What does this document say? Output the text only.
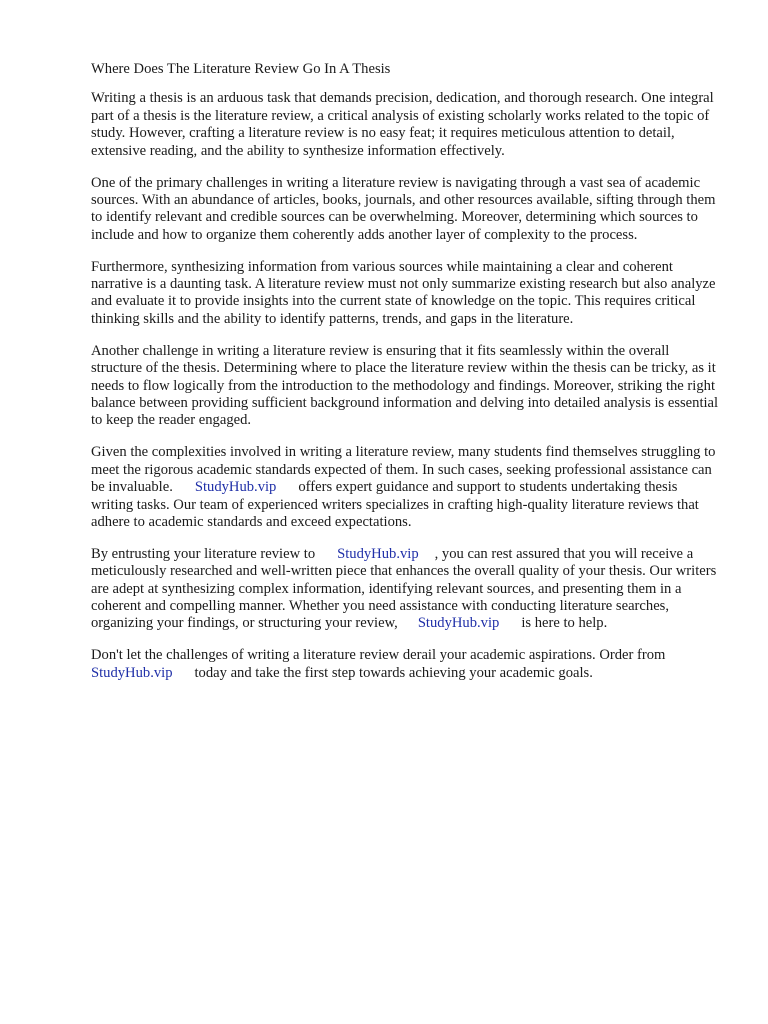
Where Does The Literature Review Go In A Thesis

Writing a thesis is an arduous task that demands precision, dedication, and thorough research. One integral part of a thesis is the literature review, a critical analysis of existing scholarly works related to the topic of study. However, crafting a literature review is no easy feat; it requires meticulous attention to detail, extensive reading, and the ability to synthesize information effectively.

One of the primary challenges in writing a literature review is navigating through a vast sea of academic sources. With an abundance of articles, books, journals, and other resources available, sifting through them to identify relevant and credible sources can be overwhelming. Moreover, determining which sources to include and how to organize them coherently adds another layer of complexity to the process.

Furthermore, synthesizing information from various sources while maintaining a clear and coherent narrative is a daunting task. A literature review must not only summarize existing research but also analyze and evaluate it to provide insights into the current state of knowledge on the topic. This requires critical thinking skills and the ability to identify patterns, trends, and gaps in the literature.

Another challenge in writing a literature review is ensuring that it fits seamlessly within the overall structure of the thesis. Determining where to place the literature review within the thesis can be tricky, as it needs to flow logically from the introduction to the methodology and findings. Moreover, striking the right balance between providing sufficient background information and delving into detailed analysis is essential to keep the reader engaged.

Given the complexities involved in writing a literature review, many students find themselves struggling to meet the rigorous academic standards expected of them. In such cases, seeking professional assistance can be invaluable. StudyHub.vip offers expert guidance and support to students undertaking thesis writing tasks. Our team of experienced writers specializes in crafting high-quality literature reviews that adhere to academic standards and exceed expectations.

By entrusting your literature review to StudyHub.vip , you can rest assured that you will receive a meticulously researched and well-written piece that enhances the overall quality of your thesis. Our writers are adept at synthesizing complex information, identifying relevant sources, and presenting them in a coherent and compelling manner. Whether you need assistance with conducting literature searches, organizing your findings, or structuring your review, StudyHub.vip is here to help.

Don't let the challenges of writing a literature review derail your academic aspirations. Order from StudyHub.vip today and take the first step towards achieving your academic goals.
